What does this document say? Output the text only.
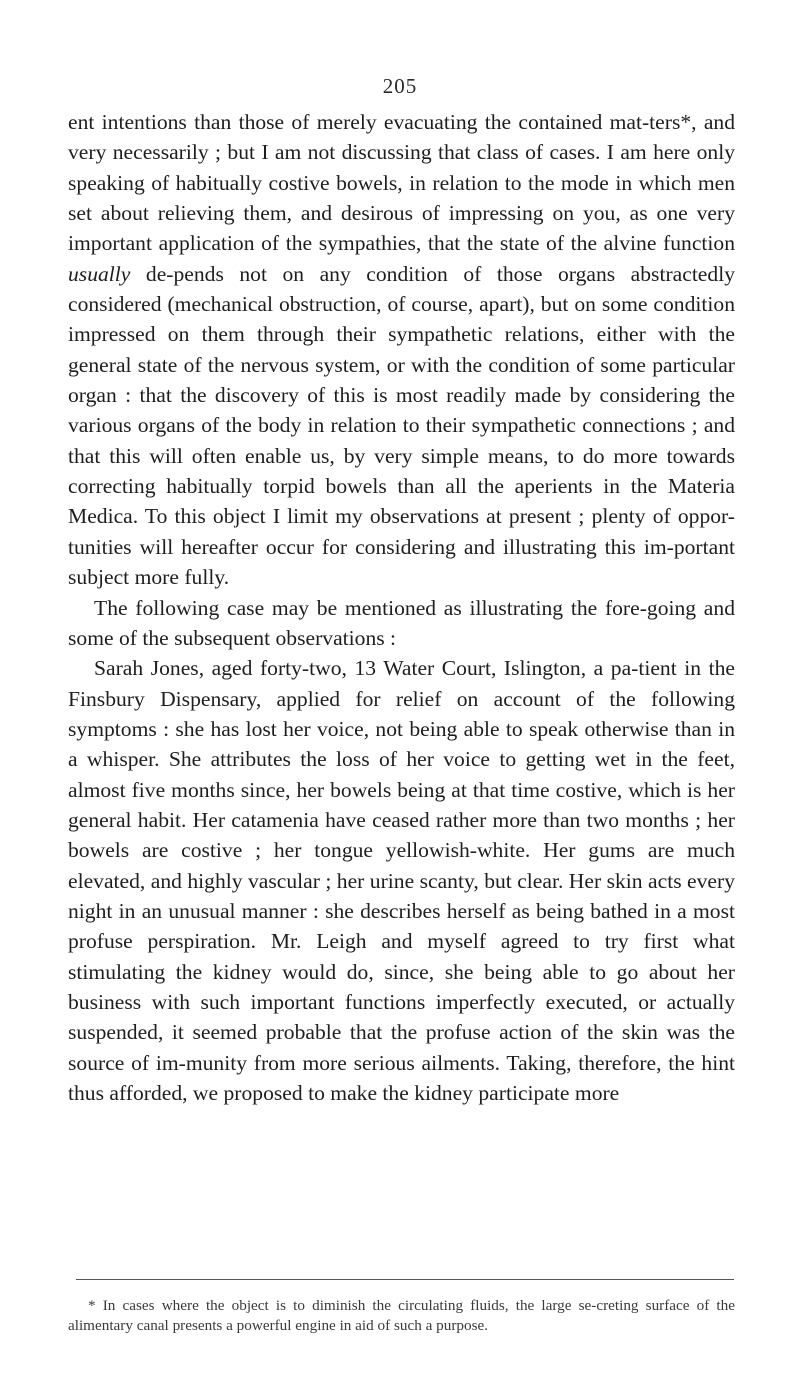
205

ent intentions than those of merely evacuating the contained mat-ters*, and very necessarily ; but I am not discussing that class of cases. I am here only speaking of habitually costive bowels, in relation to the mode in which men set about relieving them, and desirous of impressing on you, as one very important application of the sympathies, that the state of the alvine function usually de-pends not on any condition of those organs abstractedly considered (mechanical obstruction, of course, apart), but on some condition impressed on them through their sympathetic relations, either with the general state of the nervous system, or with the condition of some particular organ : that the discovery of this is most readily made by considering the various organs of the body in relation to their sympathetic connections ; and that this will often enable us, by very simple means, to do more towards correcting habitually torpid bowels than all the aperients in the Materia Medica. To this object I limit my observations at present ; plenty of oppor-tunities will hereafter occur for considering and illustrating this im-portant subject more fully.

The following case may be mentioned as illustrating the fore-going and some of the subsequent observations :

Sarah Jones, aged forty-two, 13 Water Court, Islington, a pa-tient in the Finsbury Dispensary, applied for relief on account of the following symptoms : she has lost her voice, not being able to speak otherwise than in a whisper. She attributes the loss of her voice to getting wet in the feet, almost five months since, her bowels being at that time costive, which is her general habit. Her catamenia have ceased rather more than two months ; her bowels are costive ; her tongue yellowish-white. Her gums are much elevated, and highly vascular ; her urine scanty, but clear. Her skin acts every night in an unusual manner : she describes herself as being bathed in a most profuse perspiration. Mr. Leigh and myself agreed to try first what stimulating the kidney would do, since, she being able to go about her business with such important functions imperfectly executed, or actually suspended, it seemed probable that the profuse action of the skin was the source of im-munity from more serious ailments. Taking, therefore, the hint thus afforded, we proposed to make the kidney participate more

* In cases where the object is to diminish the circulating fluids, the large se-creting surface of the alimentary canal presents a powerful engine in aid of such a purpose.
